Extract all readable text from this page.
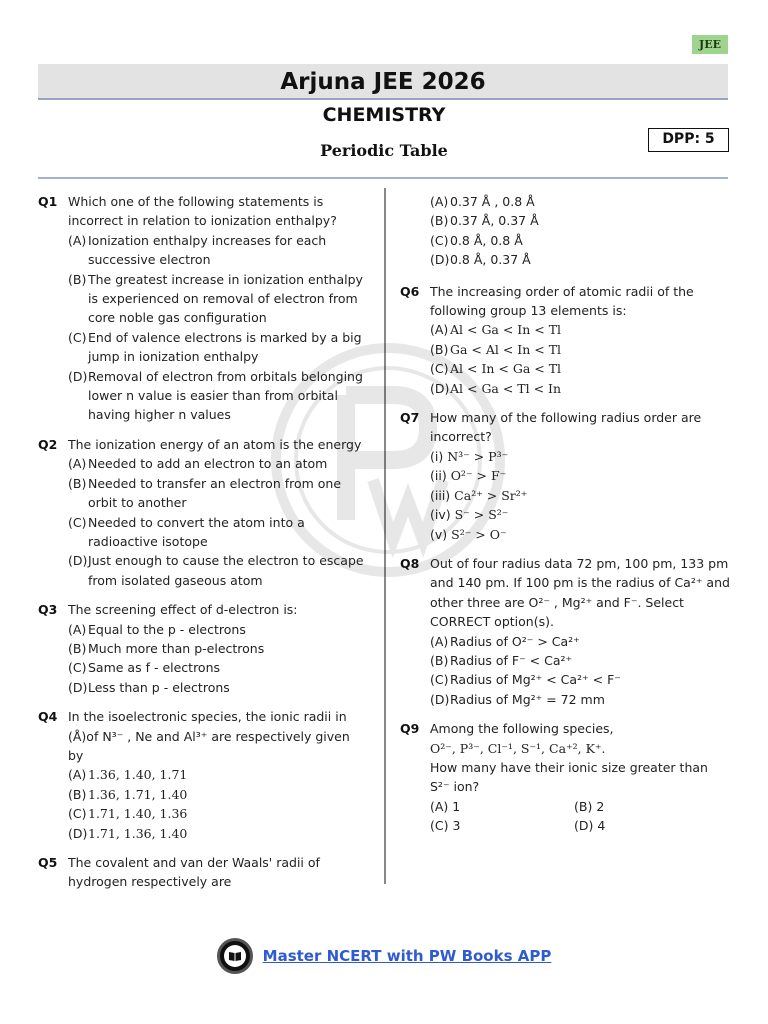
JEE
Arjuna JEE 2026
CHEMISTRY
Periodic Table
DPP: 5
Q1 Which one of the following statements is incorrect in relation to ionization enthalpy?
(A) Ionization enthalpy increases for each successive electron
(B) The greatest increase in ionization enthalpy is experienced on removal of electron from core noble gas configuration
(C) End of valence electrons is marked by a big jump in ionization enthalpy
(D)Removal of electron from orbitals belonging lower n value is easier than from orbital having higher n values
Q2 The ionization energy of an atom is the energy
(A) Needed to add an electron to an atom
(B) Needed to transfer an electron from one orbit to another
(C) Needed to convert the atom into a radioactive isotope
(D)Just enough to cause the electron to escape from isolated gaseous atom
Q3 The screening effect of d-electron is:
(A) Equal to the p - electrons
(B) Much more than p-electrons
(C) Same as f - electrons
(D)Less than p - electrons
Q4 In the isoelectronic species, the ionic radii in (Å)of N³⁻ , Ne and Al³⁺ are respectively given by
(A) 1.36, 1.40, 1.71
(B) 1.36, 1.71, 1.40
(C) 1.71, 1.40, 1.36
(D)1.71, 1.36, 1.40
Q5 The covalent and van der Waals' radii of hydrogen respectively are
(A) 0.37 Å , 0.8 Å
(B) 0.37 Å, 0.37 Å
(C) 0.8 Å, 0.8 Å
(D)0.8 Å, 0.37 Å
Q6 The increasing order of atomic radii of the following group 13 elements is:
(A) Al < Ga < In < Tl
(B) Ga < Al < In < Tl
(C) Al < In < Ga < Tl
(D)Al < Ga < Tl < In
Q7 How many of the following radius order are incorrect?
(i) N³⁻ > P³⁻
(ii) O²⁻ > F⁻
(iii) Ca²⁺ > Sr²⁺
(iv) S⁻ > S²⁻
(v) S²⁻ > O⁻
Q8 Out of four radius data 72 pm, 100 pm, 133 pm and 140 pm. If 100 pm is the radius of Ca²⁺ and other three are O²⁻ , Mg²⁺ and F⁻. Select CORRECT option(s).
(A) Radius of O²⁻ > Ca²⁺
(B) Radius of F⁻ < Ca²⁺
(C) Radius of Mg²⁺ < Ca²⁺ < F⁻
(D)Radius of Mg²⁺ = 72 mm
Q9 Among the following species,
O²⁻, P³⁻, Cl⁻¹, S⁻¹, Ca⁺², K⁺.
How many have their ionic size greater than S²⁻ ion?
(A) 1	(B) 2
(C) 3	(D) 4
Master NCERT with PW Books APP
